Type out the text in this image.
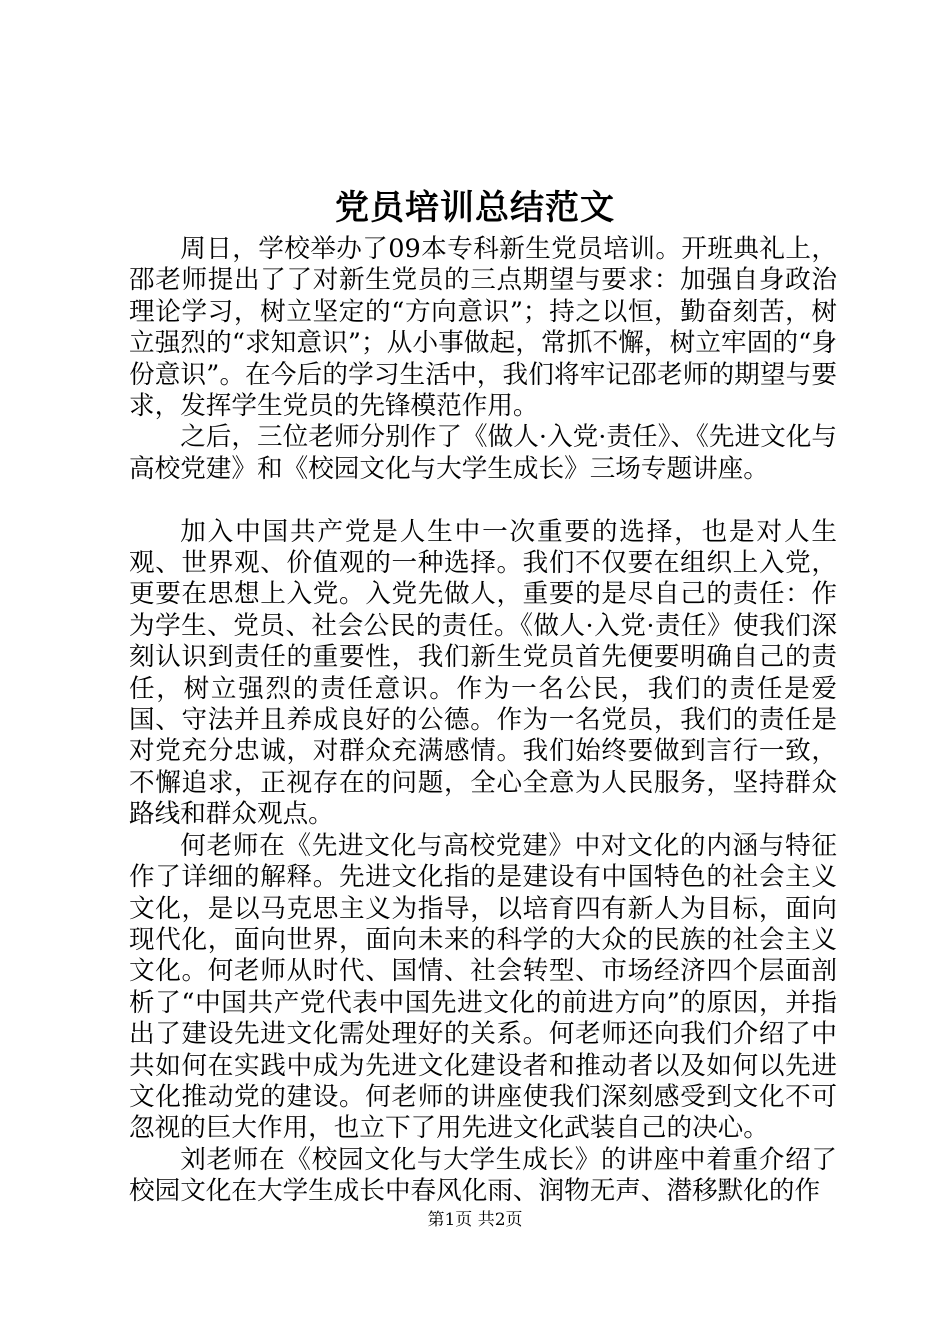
党员培训总结范文

周日，学校举办了09本专科新生党员培训。开班典礼上，邵老师提出了了对新生党员的三点期望与要求：加强自身政治理论学习，树立坚定的“方向意识”；持之以恒，勤奋刻苦，树立强烈的“求知意识”；从小事做起，常抓不懈，树立牢固的“身份意识”。在今后的学习生活中，我们将牢记邵老师的期望与要求，发挥学生党员的先锋模范作用。

之后，三位老师分别作了《做人·入党·责任》、《先进文化与高校党建》和《校园文化与大学生成长》三场专题讲座。

加入中国共产党是人生中一次重要的选择，也是对人生观、世界观、价值观的一种选择。我们不仅要在组织上入党，更要在思想上入党。入党先做人，重要的是尽自己的责任：作为学生、党员、社会公民的责任。《做人·入党·责任》使我们深刻认识到责任的重要性，我们新生党员首先便要明确自己的责任，树立强烈的责任意识。作为一名公民，我们的责任是爱国、守法并且养成良好的公德。作为一名党员，我们的责任是对党充分忠诚，对群众充满感情。我们始终要做到言行一致，不懈追求，正视存在的问题，全心全意为人民服务，坚持群众路线和群众观点。

何老师在《先进文化与高校党建》中对文化的内涵与特征作了详细的解释。先进文化指的是建设有中国特色的社会主义文化，是以马克思主义为指导，以培育四有新人为目标，面向现代化，面向世界，面向未来的科学的大众的民族的社会主义文化。何老师从时代、国情、社会转型、市场经济四个层面剖析了“中国共产党代表中国先进文化的前进方向”的原因，并指出了建设先进文化需处理好的关系。何老师还向我们介绍了中共如何在实践中成为先进文化建设者和推动者以及如何以先进文化推动党的建设。何老师的讲座使我们深刻感受到文化不可忽视的巨大作用，也立下了用先进文化武装自己的决心。

刘老师在《校园文化与大学生成长》的讲座中着重介绍了校园文化在大学生成长中春风化雨、润物无声、潜移默化的作

第1页 共2页
